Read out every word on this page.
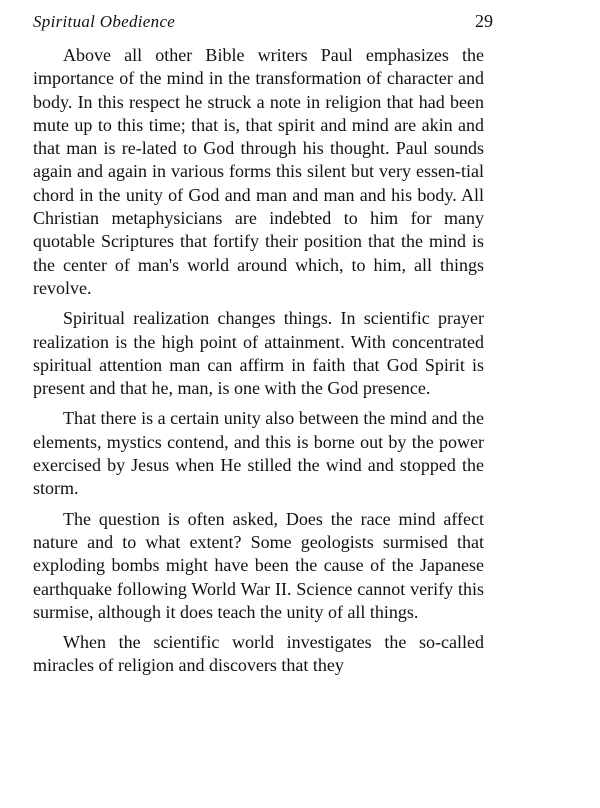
Spiritual Obedience	29

Above all other Bible writers Paul emphasizes the importance of the mind in the transformation of character and body. In this respect he struck a note in religion that had been mute up to this time; that is, that spirit and mind are akin and that man is re-lated to God through his thought. Paul sounds again and again in various forms this silent but very essen-tial chord in the unity of God and man and man and his body. All Christian metaphysicians are indebted to him for many quotable Scriptures that fortify their position that the mind is the center of man's world around which, to him, all things revolve.

Spiritual realization changes things. In scientific prayer realization is the high point of attainment. With concentrated spiritual attention man can affirm in faith that God Spirit is present and that he, man, is one with the God presence.

That there is a certain unity also between the mind and the elements, mystics contend, and this is borne out by the power exercised by Jesus when He stilled the wind and stopped the storm.

The question is often asked, Does the race mind affect nature and to what extent? Some geologists surmised that exploding bombs might have been the cause of the Japanese earthquake following World War II. Science cannot verify this surmise, although it does teach the unity of all things.

When the scientific world investigates the so-called miracles of religion and discovers that they
